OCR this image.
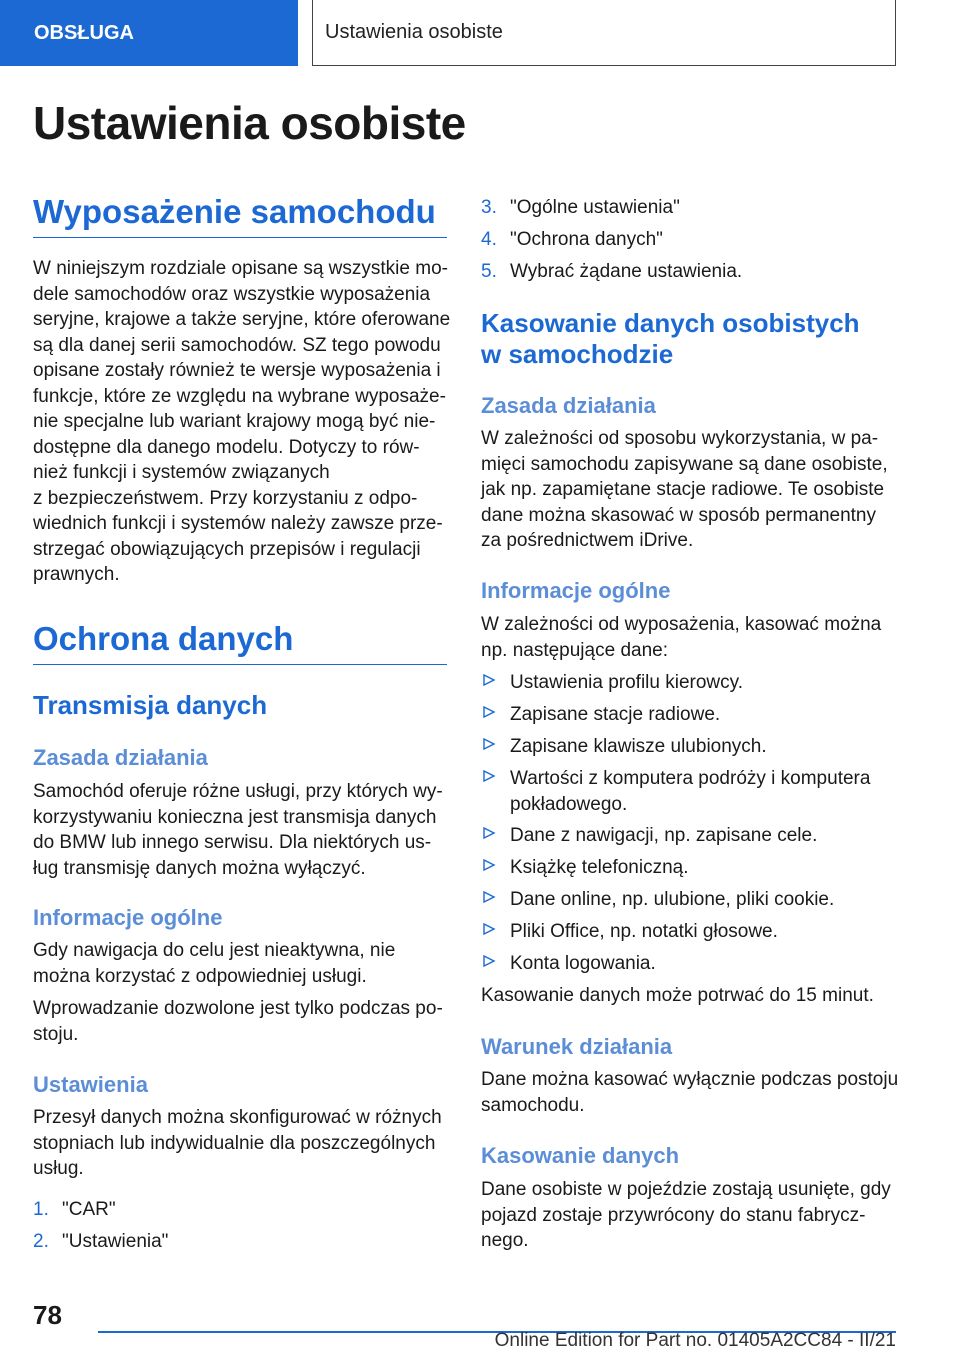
OBSŁUGA	Ustawienia osobiste
Ustawienia osobiste
Wyposażenie samochodu

W niniejszym rozdziale opisane są wszystkie mo-
dele samochodów oraz wszystkie wyposażenia
seryjne, krajowe a także seryjne, które oferowane
są dla danej serii samochodów. SZ tego powodu
opisane zostały również te wersje wyposażenia i
funkcje, które ze względu na wybrane wyposaże-
nie specjalne lub wariant krajowy mogą być nie-
dostępne dla danego modelu. Dotyczy to rów-
nież funkcji i systemów związanych
z bezpieczeństwem. Przy korzystaniu z odpo-
wiednich funkcji i systemów należy zawsze prze-
strzegać obowiązujących przepisów i regulacji
prawnych.

Ochrona danych
Transmisja danych
Zasada działania

Samochód oferuje różne usługi, przy których wy-
korzystywaniu konieczna jest transmisja danych
do BMW lub innego serwisu. Dla niektórych us-
ług transmisję danych można wyłączyć.

Informacje ogólne

Gdy nawigacja do celu jest nieaktywna, nie
można korzystać z odpowiedniej usługi.

Wprowadzanie dozwolone jest tylko podczas po-
stoju.

Ustawienia

Przesył danych można skonfigurować w różnych
stopniach lub indywidualnie dla poszczególnych
usług.

1. "CAR"
2. "Ustawienia"
3. "Ogólne ustawienia"
4. "Ochrona danych"
5. Wybrać żądane ustawienia.
Kasowanie danych osobistych
w samochodzie
Zasada działania

W zależności od sposobu wykorzystania, w pa-
mięci samochodu zapisywane są dane osobiste,
jak np. zapamiętane stacje radiowe. Te osobiste
dane można skasować w sposób permanentny
za pośrednictwem iDrive.

Informacje ogólne

W zależności od wyposażenia, kasować można
np. następujące dane:

Ustawienia profilu kierowcy.
Zapisane stacje radiowe.
Zapisane klawisze ulubionych.
Wartości z komputera podróży i komputera
pokładowego.
Dane z nawigacji, np. zapisane cele.
Książkę telefoniczną.
Dane online, np. ulubione, pliki cookie.
Pliki Office, np. notatki głosowe.
Konta logowania.

Kasowanie danych może potrwać do 15 minut.

Warunek działania

Dane można kasować wyłącznie podczas postoju
samochodu.

Kasowanie danych

Dane osobiste w pojeździe zostają usunięte, gdy
pojazd zostaje przywrócony do stanu fabrycz-
nego.

78
Online Edition for Part no. 01405A2CC84 - II/21
